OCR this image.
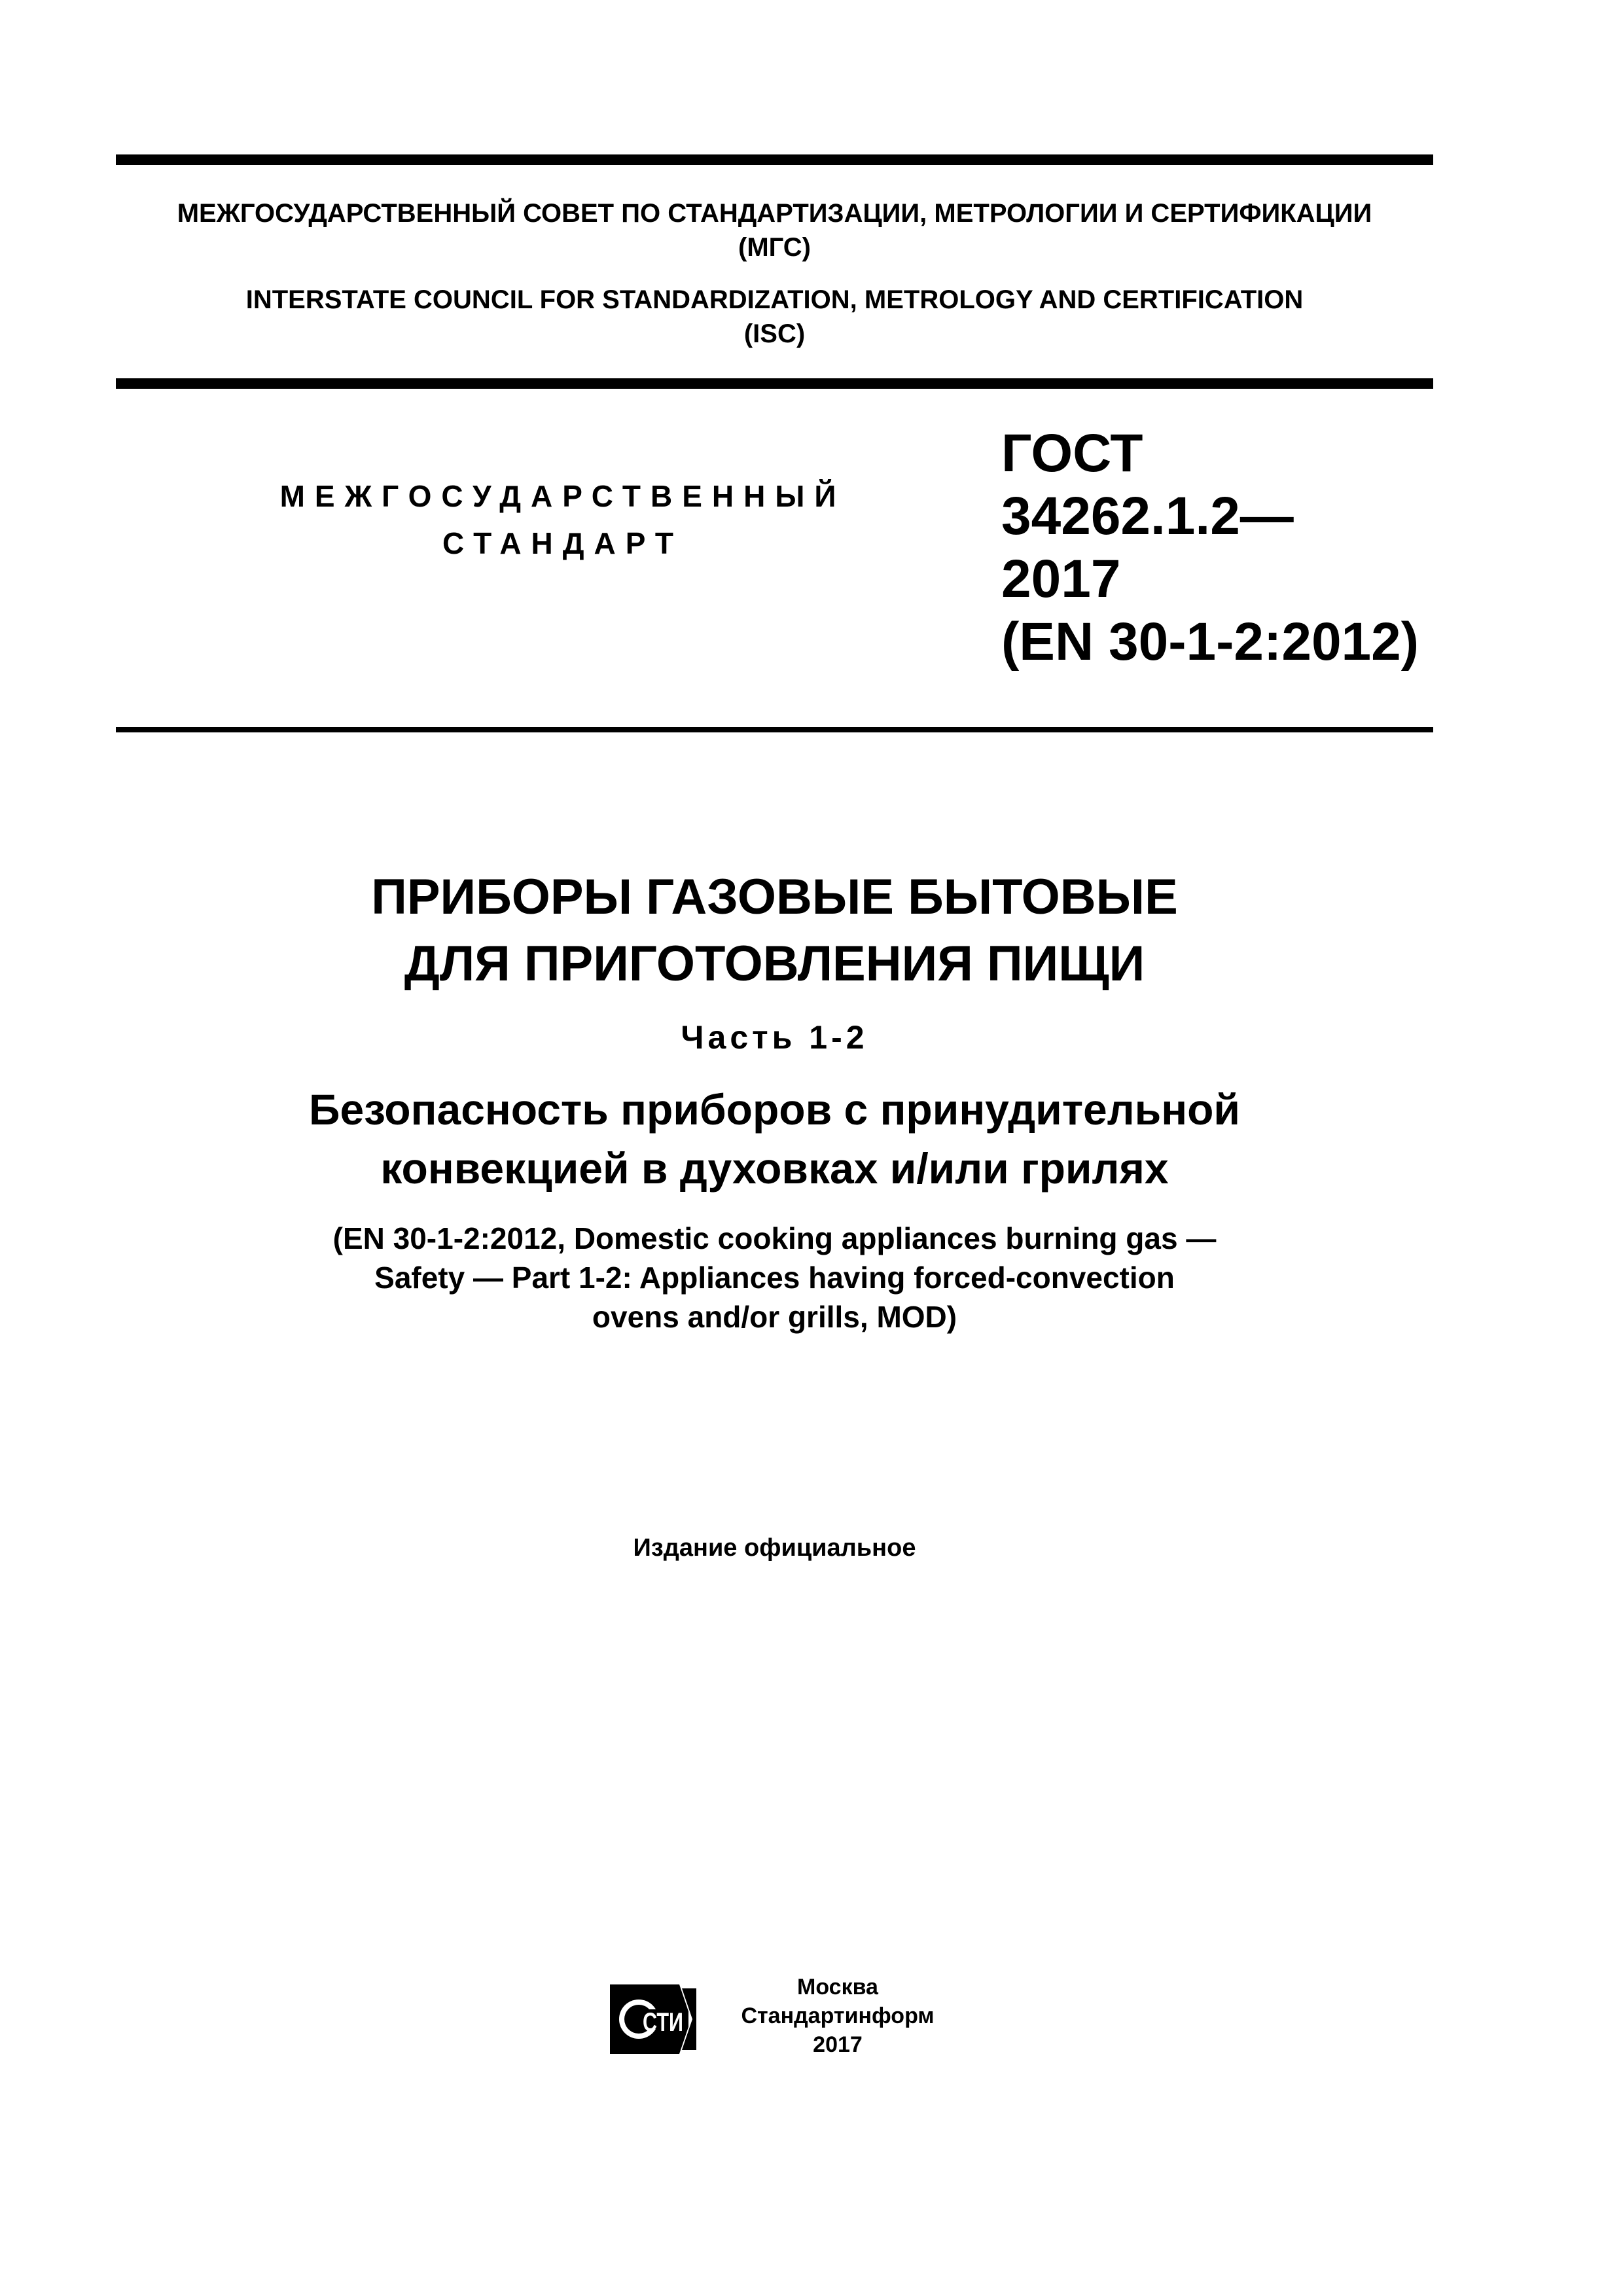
МЕЖГОСУДАРСТВЕННЫЙ СОВЕТ ПО СТАНДАРТИЗАЦИИ, МЕТРОЛОГИИ И СЕРТИФИКАЦИИ
(МГС)
INTERSTATE COUNCIL FOR STANDARDIZATION, METROLOGY AND CERTIFICATION
(ISC)
МЕЖГОСУДАРСТВЕННЫЙ
СТАНДАРТ
ГОСТ
34262.1.2—
2017
(EN 30-1-2:2012)
ПРИБОРЫ ГАЗОВЫЕ БЫТОВЫЕ
ДЛЯ ПРИГОТОВЛЕНИЯ ПИЩИ
Часть 1-2
Безопасность приборов с принудительной
конвекцией в духовках и/или грилях
(EN 30-1-2:2012, Domestic cooking appliances burning gas —
Safety — Part 1-2: Appliances having forced-convection
ovens and/or grills, MOD)
Издание официальное
СТИ
Москва
Стандартинформ
2017
